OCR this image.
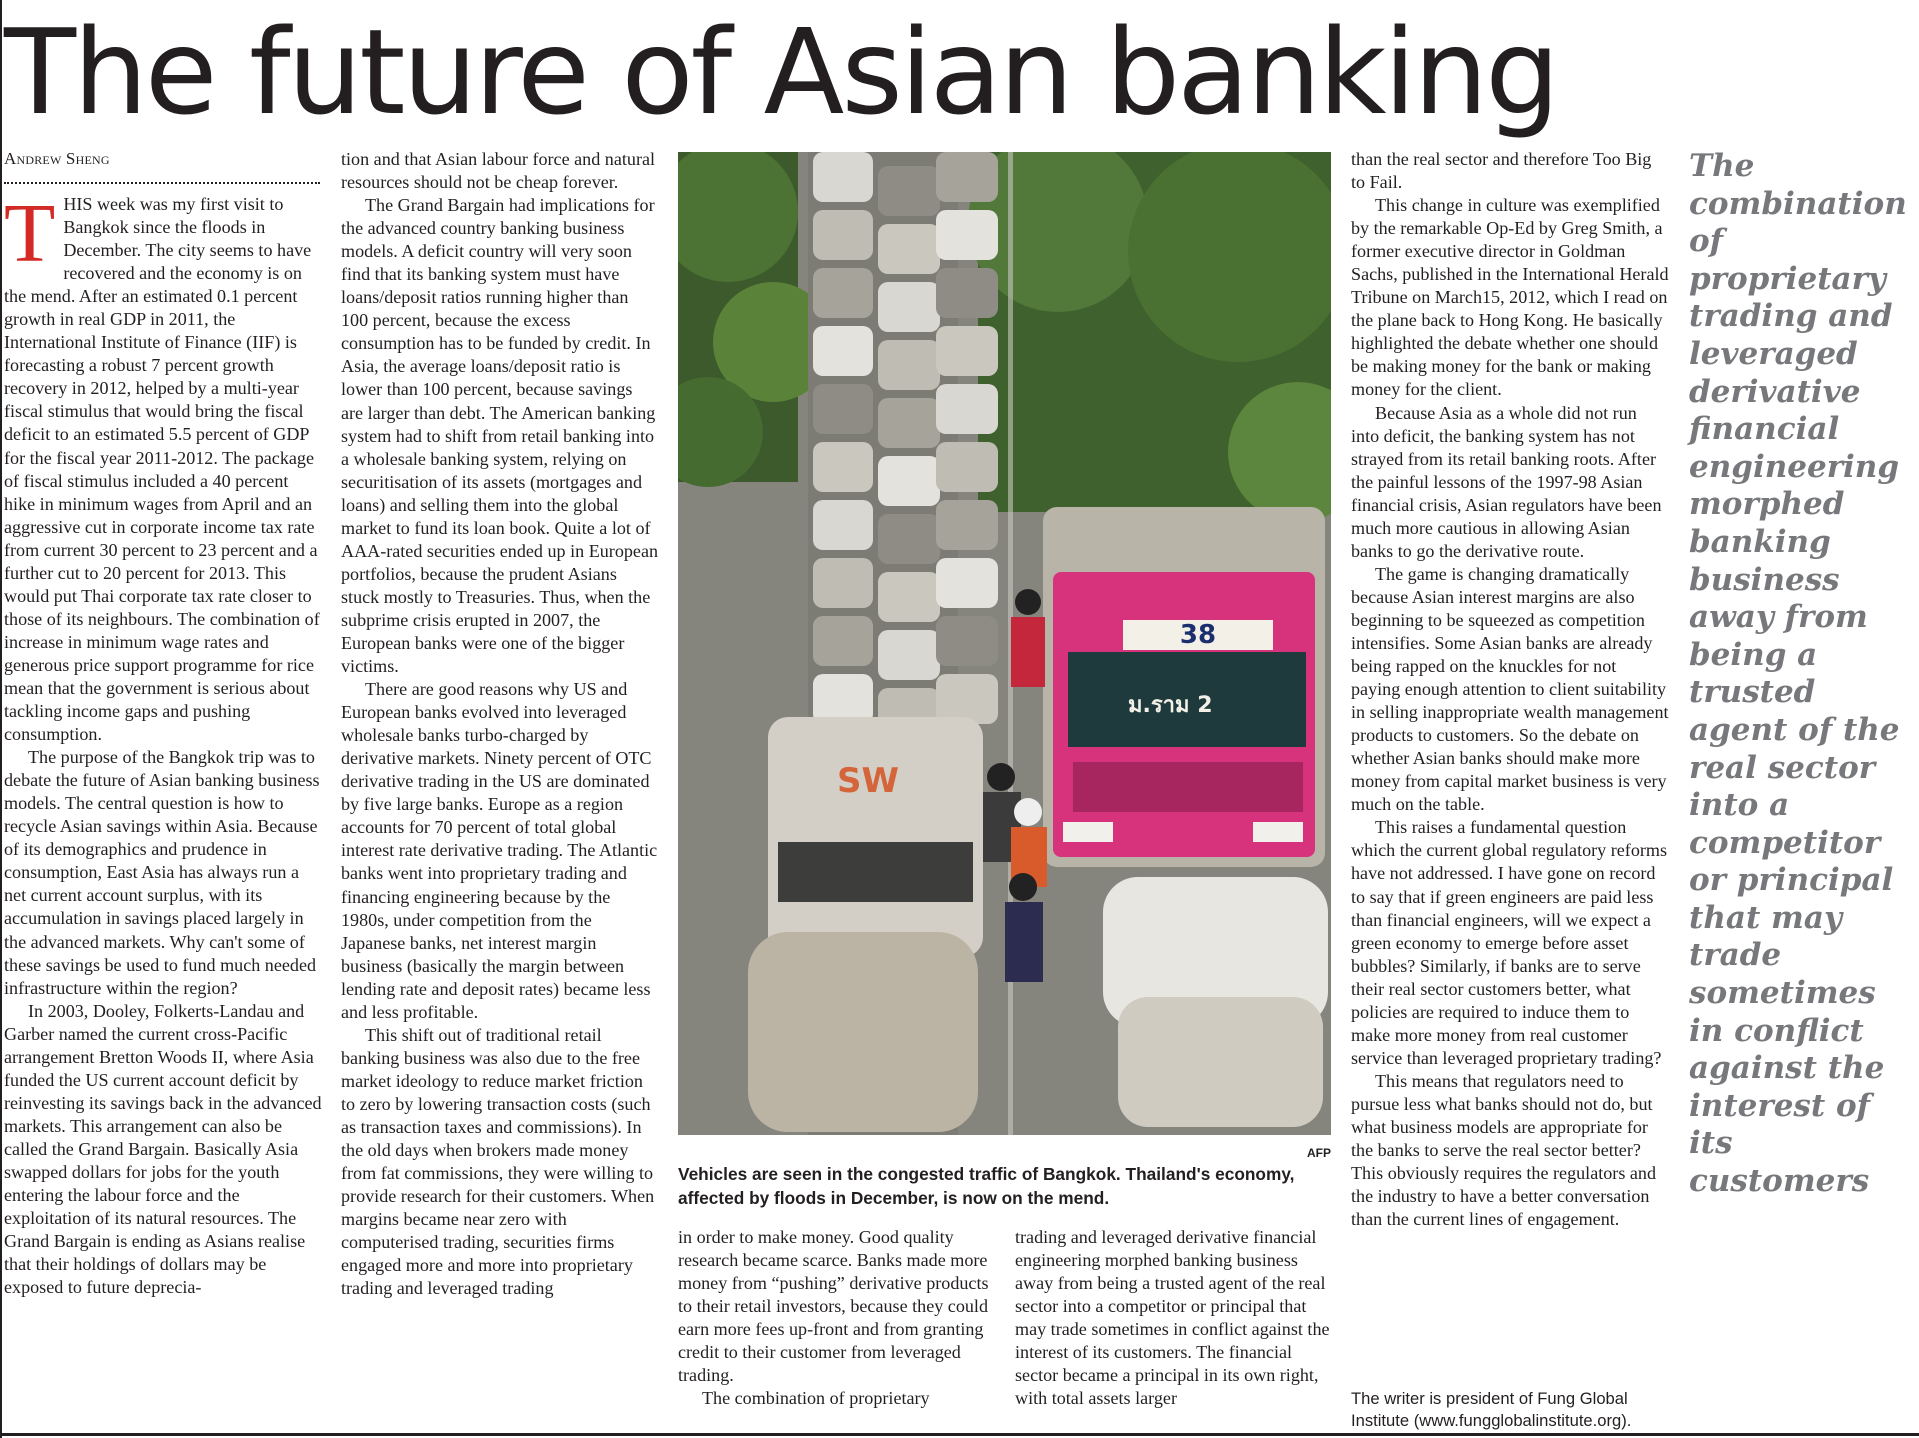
The future of Asian banking
Andrew Sheng

THIS week was my first visit to Bangkok since the floods in December. The city seems to have recovered and the economy is on the mend. After an estimated 0.1 percent growth in real GDP in 2011, the International Institute of Finance (IIF) is forecasting a robust 7 percent growth recovery in 2012, helped by a multi-year fiscal stimulus that would bring the fiscal deficit to an estimated 5.5 percent of GDP for the fiscal year 2011-2012. The package of fiscal stimulus included a 40 percent hike in minimum wages from April and an aggressive cut in corporate income tax rate from current 30 percent to 23 percent and a further cut to 20 percent for 2013. This would put Thai corporate tax rate closer to those of its neighbours. The combination of increase in minimum wage rates and generous price support programme for rice mean that the government is serious about tackling income gaps and pushing consumption.

The purpose of the Bangkok trip was to debate the future of Asian banking business models. The central question is how to recycle Asian savings within Asia. Because of its demographics and prudence in consumption, East Asia has always run a net current account surplus, with its accumulation in savings placed largely in the advanced markets. Why can't some of these savings be used to fund much needed infrastructure within the region?

In 2003, Dooley, Folkerts-Landau and Garber named the current cross-Pacific arrangement Bretton Woods II, where Asia funded the US current account deficit by reinvesting its savings back in the advanced markets. This arrangement can also be called the Grand Bargain. Basically Asia swapped dollars for jobs for the youth entering the labour force and the exploitation of its natural resources. The Grand Bargain is ending as Asians realise that their holdings of dollars may be exposed to future deprecia-

tion and that Asian labour force and natural resources should not be cheap forever.

The Grand Bargain had implications for the advanced country banking business models. A deficit country will very soon find that its banking system must have loans/deposit ratios running higher than 100 percent, because the excess consumption has to be funded by credit. In Asia, the average loans/deposit ratio is lower than 100 percent, because savings are larger than debt. The American banking system had to shift from retail banking into a wholesale banking system, relying on securitisation of its assets (mortgages and loans) and selling them into the global market to fund its loan book. Quite a lot of AAA-rated securities ended up in European portfolios, because the prudent Asians stuck mostly to Treasuries. Thus, when the subprime crisis erupted in 2007, the European banks were one of the bigger victims.

There are good reasons why US and European banks evolved into leveraged wholesale banks turbo-charged by derivative markets. Ninety percent of OTC derivative trading in the US are dominated by five large banks. Europe as a region accounts for 70 percent of total global interest rate derivative trading. The Atlantic banks went into proprietary trading and financing engineering because by the 1980s, under competition from the Japanese banks, net interest margin business (basically the margin between lending rate and deposit rates) became less and less profitable.

This shift out of traditional retail banking business was also due to the free market ideology to reduce market friction to zero by lowering transaction costs (such as transaction taxes and commissions). In the old days when brokers made money from fat commissions, they were willing to provide research for their customers. When margins became near zero with computerised trading, securities firms engaged more and more into proprietary trading and leveraged trading

38
ม.ราม 2
SW
AFP
Vehicles are seen in the congested traffic of Bangkok. Thailand's economy, affected by floods in December, is now on the mend.

in order to make money. Good quality research became scarce. Banks made more money from “pushing” derivative products to their retail investors, because they could earn more fees up-front and from granting credit to their customer from leveraged trading.

The combination of proprietary

trading and leveraged derivative financial engineering morphed banking business away from being a trusted agent of the real sector into a competitor or principal that may trade sometimes in conflict against the interest of its customers. The financial sector became a principal in its own right, with total assets larger

than the real sector and therefore Too Big to Fail.

This change in culture was exemplified by the remarkable Op-Ed by Greg Smith, a former executive director in Goldman Sachs, published in the International Herald Tribune on March15, 2012, which I read on the plane back to Hong Kong. He basically highlighted the debate whether one should be making money for the bank or making money for the client.

Because Asia as a whole did not run into deficit, the banking system has not strayed from its retail banking roots. After the painful lessons of the 1997-98 Asian financial crisis, Asian regulators have been much more cautious in allowing Asian banks to go the derivative route.

The game is changing dramatically because Asian interest margins are also beginning to be squeezed as competition intensifies. Some Asian banks are already being rapped on the knuckles for not paying enough attention to client suitability in selling inappropriate wealth management products to customers. So the debate on whether Asian banks should make more money from capital market business is very much on the table.

This raises a fundamental question which the current global regulatory reforms have not addressed. I have gone on record to say that if green engineers are paid less than financial engineers, will we expect a green economy to emerge before asset bubbles? Similarly, if banks are to serve their real sector customers better, what policies are required to induce them to make more money from real customer service than leveraged proprietary trading?

This means that regulators need to pursue less what banks should not do, but what business models are appropriate for the banks to serve the real sector better? This obviously requires the regulators and the industry to have a better conversation than the current lines of engagement.

The writer is president of Fung Global Institute (www.fungglobalinstitute.org).
The combination of proprietary trading and leveraged derivative financial engineering morphed banking business away from being a trusted agent of the real sector into a competitor or principal that may trade sometimes in conflict against the interest of its customers
